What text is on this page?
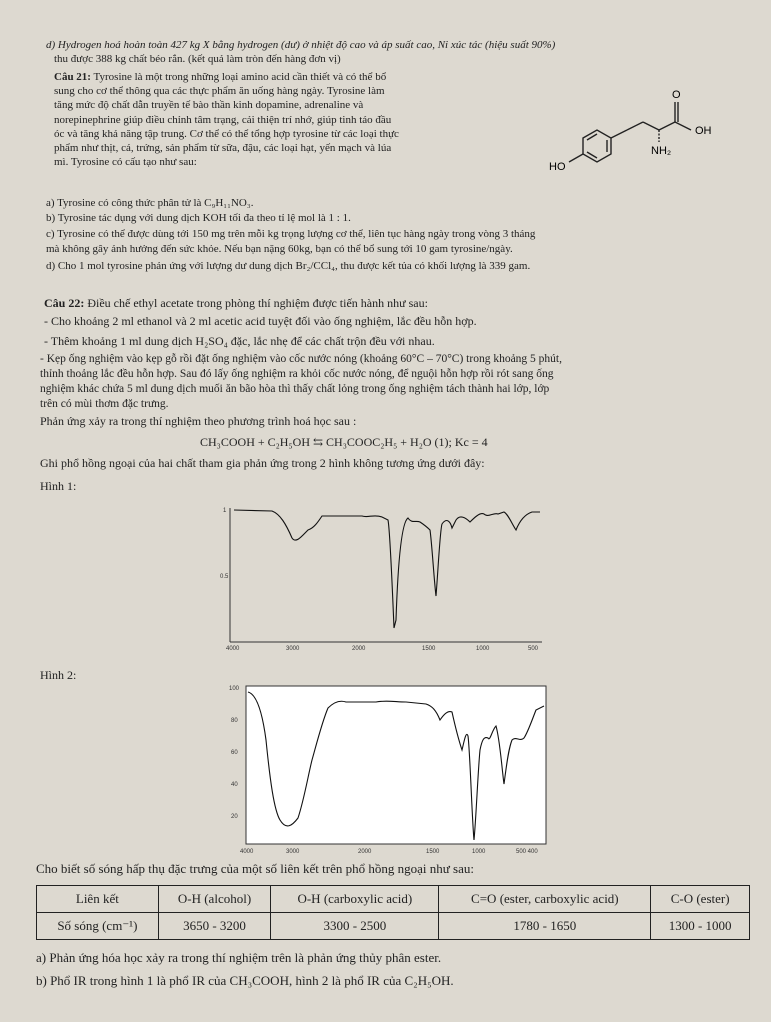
d) Hydrogen hoá hoàn toàn 427 kg X bằng hydrogen (dư) ở nhiệt độ cao và áp suất cao, Ni xúc tác (hiệu suất 90%)
thu được 388 kg chất béo rắn. (kết quả làm tròn đến hàng đơn vị)
Câu 21: Tyrosine là một trong những loại amino acid cần thiết và có thể bổ
sung cho cơ thể thông qua các thực phẩm ăn uống hàng ngày. Tyrosine làm
tăng mức độ chất dẫn truyền tế bào thần kinh dopamine, adrenaline và
norepinephrine giúp điều chỉnh tâm trạng, cải thiện trí nhớ, giúp tinh táo đầu
óc và tăng khả năng tập trung. Cơ thể có thể tổng hợp tyrosine từ các loại thực
phẩm như thịt, cá, trứng, sản phẩm từ sữa, đậu, các loại hạt, yến mạch và lúa
mì. Tyrosine có cấu tạo như sau:
O
OH
NH₂
HO
a) Tyrosine có công thức phân tử là C₉H₁₁NO₃.
b) Tyrosine tác dụng với dung dịch KOH tối đa theo tỉ lệ mol là 1 : 1.
c) Tyrosine có thể được dùng tới 150 mg trên mỗi kg trọng lượng cơ thể, liên tục hàng ngày trong vòng 3 tháng
mà không gây ảnh hưởng đến sức khỏe. Nếu bạn nặng 60kg, bạn có thể bổ sung tới 10 gam tyrosine/ngày.
d) Cho 1 mol tyrosine phản ứng với lượng dư dung dịch Br₂/CCl₄, thu được kết tủa có khối lượng là 339 gam.
Câu 22: Điều chế ethyl acetate trong phòng thí nghiệm được tiến hành như sau:
- Cho khoảng 2 ml ethanol và 2 ml acetic acid tuyệt đối vào ống nghiệm, lắc đều hỗn hợp.
- Thêm khoảng 1 ml dung dịch H₂SO₄ đặc, lắc nhẹ để các chất trộn đều với nhau.
- Kẹp ống nghiệm vào kẹp gỗ rồi đặt ống nghiệm vào cốc nước nóng (khoảng 60°C – 70°C) trong khoảng 5 phút,
thỉnh thoảng lắc đều hỗn hợp. Sau đó lấy ống nghiệm ra khỏi cốc nước nóng, để nguội hỗn hợp rồi rót sang ống
nghiệm khác chứa 5 ml dung dịch muối ăn bão hòa thì thấy chất lỏng trong ống nghiệm tách thành hai lớp, lớp
trên có mùi thơm đặc trưng.
Phản ứng xảy ra trong thí nghiệm theo phương trình hoá học sau :
CH₃COOH + C₂H₅OH ⇆ CH₃COOC₂H₅ + H₂O (1); Kc = 4
Ghi phổ hồng ngoại của hai chất tham gia phản ứng trong 2 hình không tương ứng dưới đây:
Hình 1:
1
0.5
4000	3000	2000	1500	1000	500
Hình 2:
100
80
60
40
20
4000	3000	2000	1500	1000	500 400
Cho biết số sóng hấp thụ đặc trưng của một số liên kết trên phổ hồng ngoại như sau:
Liên kết	O-H (alcohol)	O-H (carboxylic acid)	C=O (ester, carboxylic acid)	C-O (ester)
Số sóng (cm⁻¹)	3650 - 3200	3300 - 2500	1780 - 1650	1300 - 1000
a) Phản ứng hóa học xảy ra trong thí nghiệm trên là phản ứng thủy phân ester.
b) Phổ IR trong hình 1 là phổ IR của CH₃COOH, hình 2 là phổ IR của C₂H₅OH.
